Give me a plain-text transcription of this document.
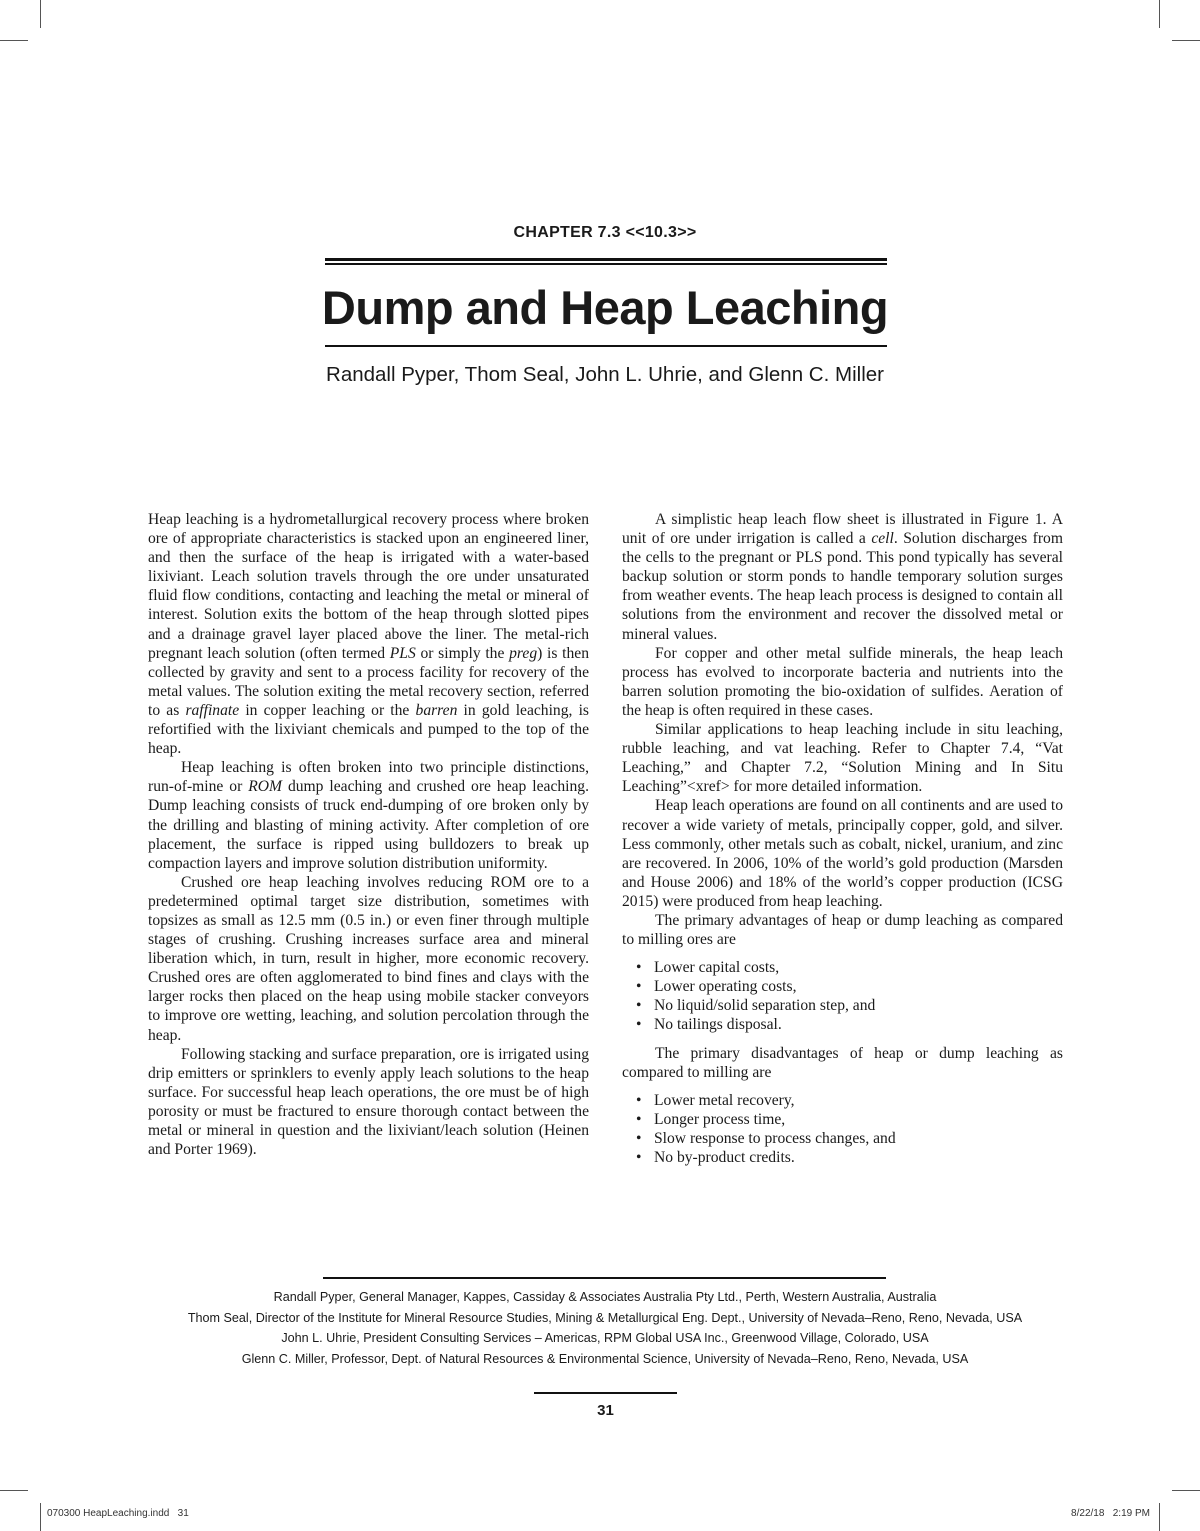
CHAPTER 7.3 <<10.3>>
Dump and Heap Leaching
Randall Pyper, Thom Seal, John L. Uhrie, and Glenn C. Miller

Heap leaching is a hydrometallurgical recovery process where broken ore of appropriate characteristics is stacked upon an engineered liner, and then the surface of the heap is irrigated with a water-based lixiviant. Leach solution travels through the ore under unsaturated fluid flow conditions, contacting and leaching the metal or mineral of interest. Solution exits the bottom of the heap through slotted pipes and a drainage gravel layer placed above the liner. The metal-rich pregnant leach solution (often termed PLS or simply the preg) is then collected by gravity and sent to a process facility for recovery of the metal values. The solution exiting the metal recovery section, referred to as raffinate in copper leaching or the barren in gold leaching, is refortified with the lixiviant chemicals and pumped to the top of the heap.

Heap leaching is often broken into two principle distinctions, run-of-mine or ROM dump leaching and crushed ore heap leaching. Dump leaching consists of truck end-dumping of ore broken only by the drilling and blasting of mining activity. After completion of ore placement, the surface is ripped using bulldozers to break up compaction layers and improve solution distribution uniformity.

Crushed ore heap leaching involves reducing ROM ore to a predetermined optimal target size distribution, sometimes with topsizes as small as 12.5 mm (0.5 in.) or even finer through multiple stages of crushing. Crushing increases surface area and mineral liberation which, in turn, result in higher, more economic recovery. Crushed ores are often agglomerated to bind fines and clays with the larger rocks then placed on the heap using mobile stacker conveyors to improve ore wetting, leaching, and solution percolation through the heap.

Following stacking and surface preparation, ore is irrigated using drip emitters or sprinklers to evenly apply leach solutions to the heap surface. For successful heap leach operations, the ore must be of high porosity or must be fractured to ensure thorough contact between the metal or mineral in question and the lixiviant/leach solution (Heinen and Porter 1969).

A simplistic heap leach flow sheet is illustrated in Figure 1. A unit of ore under irrigation is called a cell. Solution discharges from the cells to the pregnant or PLS pond. This pond typically has several backup solution or storm ponds to handle temporary solution surges from weather events. The heap leach process is designed to contain all solutions from the environment and recover the dissolved metal or mineral values.

For copper and other metal sulfide minerals, the heap leach process has evolved to incorporate bacteria and nutrients into the barren solution promoting the bio-oxidation of sulfides. Aeration of the heap is often required in these cases.

Similar applications to heap leaching include in situ leaching, rubble leaching, and vat leaching. Refer to Chapter 7.4, “Vat Leaching,” and Chapter 7.2, “Solution Mining and In Situ Leaching”<xref> for more detailed information.

Heap leach operations are found on all continents and are used to recover a wide variety of metals, principally copper, gold, and silver. Less commonly, other metals such as cobalt, nickel, uranium, and zinc are recovered. In 2006, 10% of the world’s gold production (Marsden and House 2006) and 18% of the world’s copper production (ICSG 2015) were produced from heap leaching.

The primary advantages of heap or dump leaching as compared to milling ores are

• Lower capital costs,
• Lower operating costs,
• No liquid/solid separation step, and
• No tailings disposal.

The primary disadvantages of heap or dump leaching as compared to milling are

• Lower metal recovery,
• Longer process time,
• Slow response to process changes, and
• No by-product credits.
Randall Pyper, General Manager, Kappes, Cassiday & Associates Australia Pty Ltd., Perth, Western Australia, Australia
Thom Seal, Director of the Institute for Mineral Resource Studies, Mining & Metallurgical Eng. Dept., University of Nevada–Reno, Reno, Nevada, USA
John L. Uhrie, President Consulting Services – Americas, RPM Global USA Inc., Greenwood Village, Colorado, USA
Glenn C. Miller, Professor, Dept. of Natural Resources & Environmental Science, University of Nevada–Reno, Reno, Nevada, USA
31
070300 HeapLeaching.indd   31	8/22/18   2:19 PM
